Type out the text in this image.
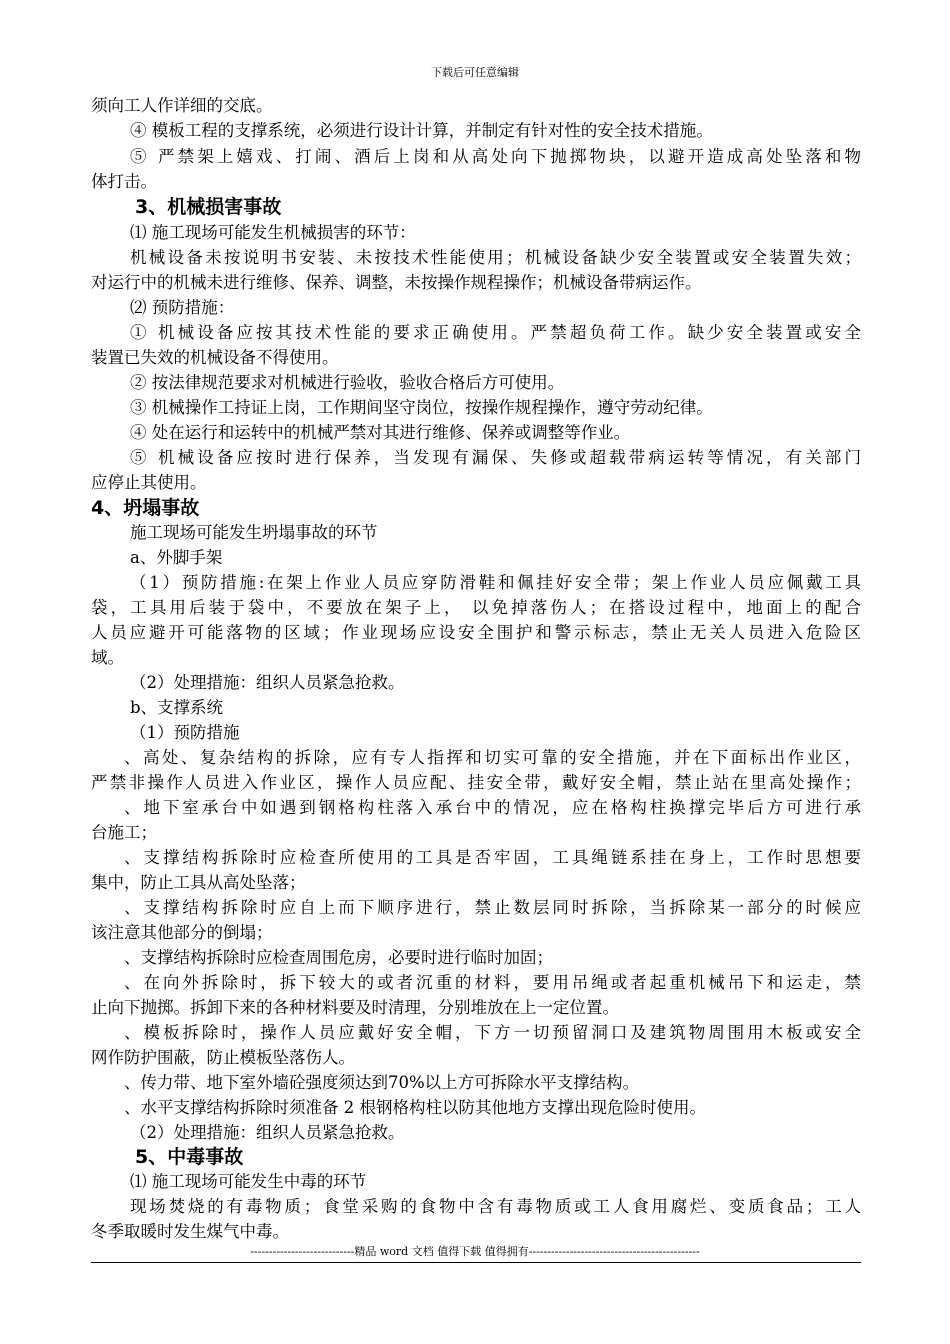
下载后可任意编辑
须向工人作详细的交底。
④ 模板工程的支撑系统，必须进行设计计算，并制定有针对性的安全技术措施。
⑤ 严禁架上嬉戏、打闹、酒后上岗和从高处向下抛掷物块，以避开造成高处坠落和物
体打击。
3、机械损害事故
⑴ 施工现场可能发生机械损害的环节：
机械设备未按说明书安装、未按技术性能使用；机械设备缺少安全装置或安全装置失效；
对运行中的机械未进行维修、保养、调整，未按操作规程操作；机械设备带病运作。
⑵ 预防措施：
① 机械设备应按其技术性能的要求正确使用。严禁超负荷工作。缺少安全装置或安全
装置已失效的机械设备不得使用。
② 按法律规范要求对机械进行验收，验收合格后方可使用。
③ 机械操作工持证上岗，工作期间坚守岗位，按操作规程操作，遵守劳动纪律。
④ 处在运行和运转中的机械严禁对其进行维修、保养或调整等作业。
⑤ 机械设备应按时进行保养，当发现有漏保、失修或超载带病运转等情况，有关部门
应停止其使用。
4、坍塌事故
施工现场可能发生坍塌事故的环节
a、外脚手架
（1）预防措施:在架上作业人员应穿防滑鞋和佩挂好安全带；架上作业人员应佩戴工具
袋，工具用后装于袋中，不要放在架子上， 以免掉落伤人；在搭设过程中，地面上的配合
人员应避开可能落物的区域；作业现场应设安全围护和警示标志，禁止无关人员进入危险区
域。
（2）处理措施：组织人员紧急抢救。
b、支撑系统
（1）预防措施
、高处、复杂结构的拆除，应有专人指挥和切实可靠的安全措施，并在下面标出作业区，
严禁非操作人员进入作业区，操作人员应配、挂安全带，戴好安全帽，禁止站在里高处操作；
、地下室承台中如遇到钢格构柱落入承台中的情况，应在格构柱换撑完毕后方可进行承
台施工；
、支撑结构拆除时应检查所使用的工具是否牢固，工具绳链系挂在身上，工作时思想要
集中，防止工具从高处坠落；
、支撑结构拆除时应自上而下顺序进行，禁止数层同时拆除，当拆除某一部分的时候应
该注意其他部分的倒塌；
、支撑结构拆除时应检查周围危房，必要时进行临时加固；
、在向外拆除时，拆下较大的或者沉重的材料，要用吊绳或者起重机械吊下和运走，禁
止向下抛掷。拆卸下来的各种材料要及时清理，分别堆放在上一定位置。
、模板拆除时，操作人员应戴好安全帽，下方一切预留洞口及建筑物周围用木板或安全
网作防护围蔽，防止模板坠落伤人。
、传力带、地下室外墙砼强度须达到70%以上方可拆除水平支撑结构。
、水平支撑结构拆除时须准备 2 根钢格构柱以防其他地方支撑出现危险时使用。
（2）处理措施：组织人员紧急抢救。
5、中毒事故
⑴ 施工现场可能发生中毒的环节
现场焚烧的有毒物质；食堂采购的食物中含有毒物质或工人食用腐烂、变质食品；工人
冬季取暖时发生煤气中毒。
----------------------------精品 word 文档 值得下载 值得拥有----------------------------------------------
